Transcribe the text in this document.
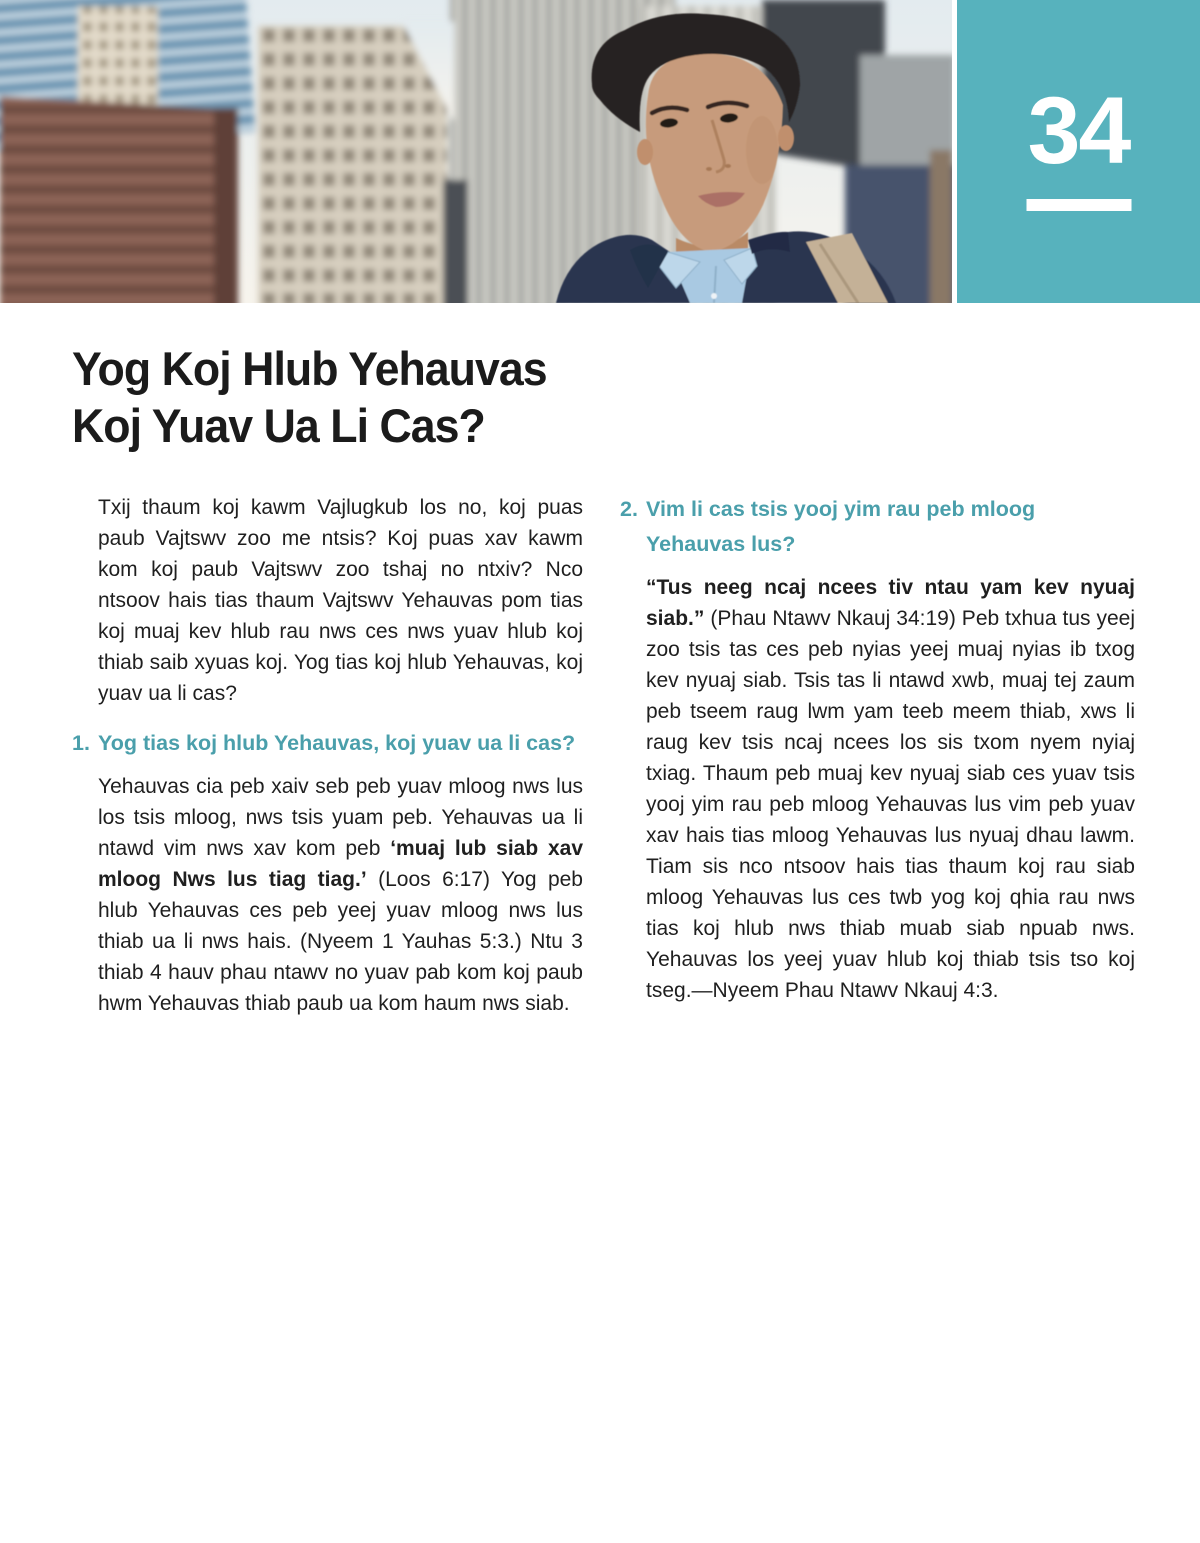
34
Yog Koj Hlub Yehauvas
Koj Yuav Ua Li Cas?

Txij thaum koj kawm Vajlugkub los no, koj puas paub Vajtswv zoo me ntsis? Koj puas xav kawm kom koj paub Vajtswv zoo tshaj no ntxiv? Nco ntsoov hais tias thaum Vajtswv Yehauvas pom tias koj muaj kev hlub rau nws ces nws yuav hlub koj thiab saib xyuas koj. Yog tias koj hlub Yehauvas, koj yuav ua li cas?

1. Yog tias koj hlub Yehauvas, koj yuav ua li cas?

Yehauvas cia peb xaiv seb peb yuav mloog nws lus los tsis mloog, nws tsis yuam peb. Yehauvas ua li ntawd vim nws xav kom peb ‘muaj lub siab xav mloog Nws lus tiag tiag.’ (Loos 6:17) Yog peb hlub Yehauvas ces peb yeej yuav mloog nws lus thiab ua li nws hais. (Nyeem 1 Yauhas 5:3.) Ntu 3 thiab 4 hauv phau ntawv no yuav pab kom koj paub hwm Yehauvas thiab paub ua kom haum nws siab.

2. Vim li cas tsis yooj yim rau peb mloog Yehauvas lus?

“Tus neeg ncaj ncees tiv ntau yam kev nyuaj siab.” (Phau Ntawv Nkauj 34:19) Peb txhua tus yeej zoo tsis tas ces peb nyias yeej muaj nyias ib txog kev nyuaj siab. Tsis tas li ntawd xwb, muaj tej zaum peb tseem raug lwm yam teeb meem thiab, xws li raug kev tsis ncaj ncees los sis txom nyem nyiaj txiag. Thaum peb muaj kev nyuaj siab ces yuav tsis yooj yim rau peb mloog Yehauvas lus vim peb yuav xav hais tias mloog Yehauvas lus nyuaj dhau lawm. Tiam sis nco ntsoov hais tias thaum koj rau siab mloog Yehauvas lus ces twb yog koj qhia rau nws tias koj hlub nws thiab muab siab npuab nws. Yehauvas los yeej yuav hlub koj thiab tsis tso koj tseg.—Nyeem Phau Ntawv Nkauj 4:3.
